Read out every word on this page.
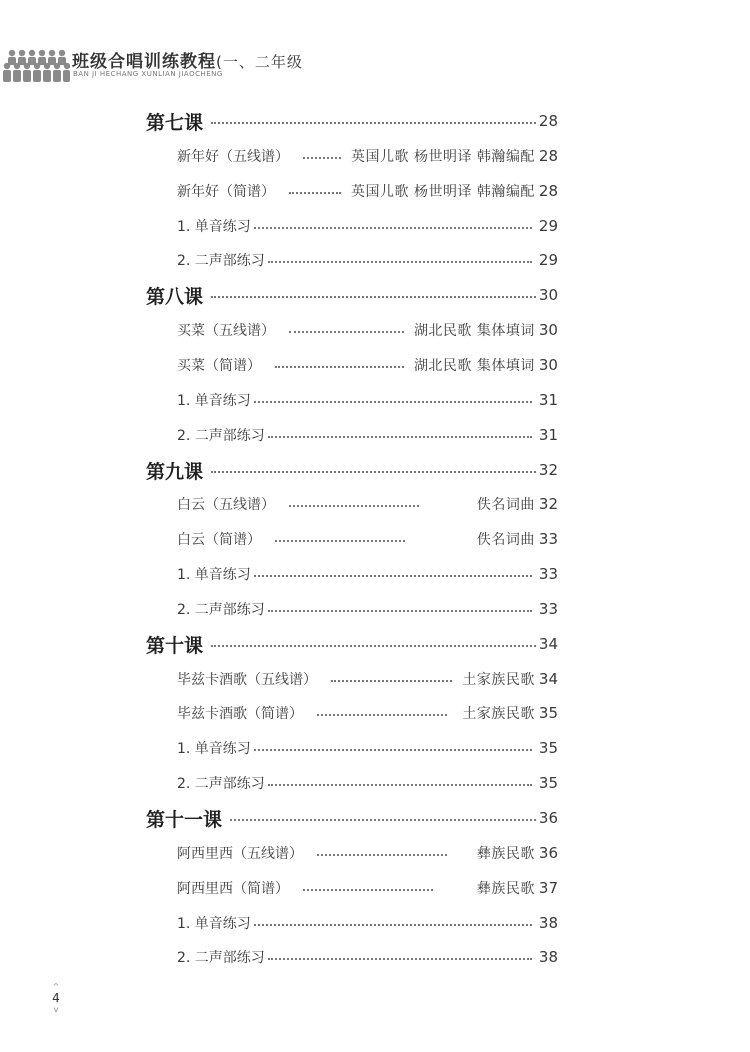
班级合唱训练教程(一、二年级
BAN JI HECHANG XUNLIAN JIAOCHENG
第七课	28
新年好（五线谱）	英国儿歌 杨世明译 韩瀚编配 28
新年好（简谱）	英国儿歌 杨世明译 韩瀚编配 28
1. 单音练习	29
2. 二声部练习	29
第八课	30
买菜（五线谱）	湖北民歌 集体填词 30
买菜（简谱）	湖北民歌 集体填词 30
1. 单音练习	31
2. 二声部练习	31
第九课	32
白云（五线谱）	佚名词曲 32
白云（简谱）	佚名词曲 33
1. 单音练习	33
2. 二声部练习	33
第十课	34
毕兹卡酒歌（五线谱）	土家族民歌 34
毕兹卡酒歌（简谱）	土家族民歌 35
1. 单音练习	35
2. 二声部练习	35
第十一课	36
阿西里西（五线谱）	彝族民歌 36
阿西里西（简谱）	彝族民歌 37
1. 单音练习	38
2. 二声部练习	38
^
4
v
